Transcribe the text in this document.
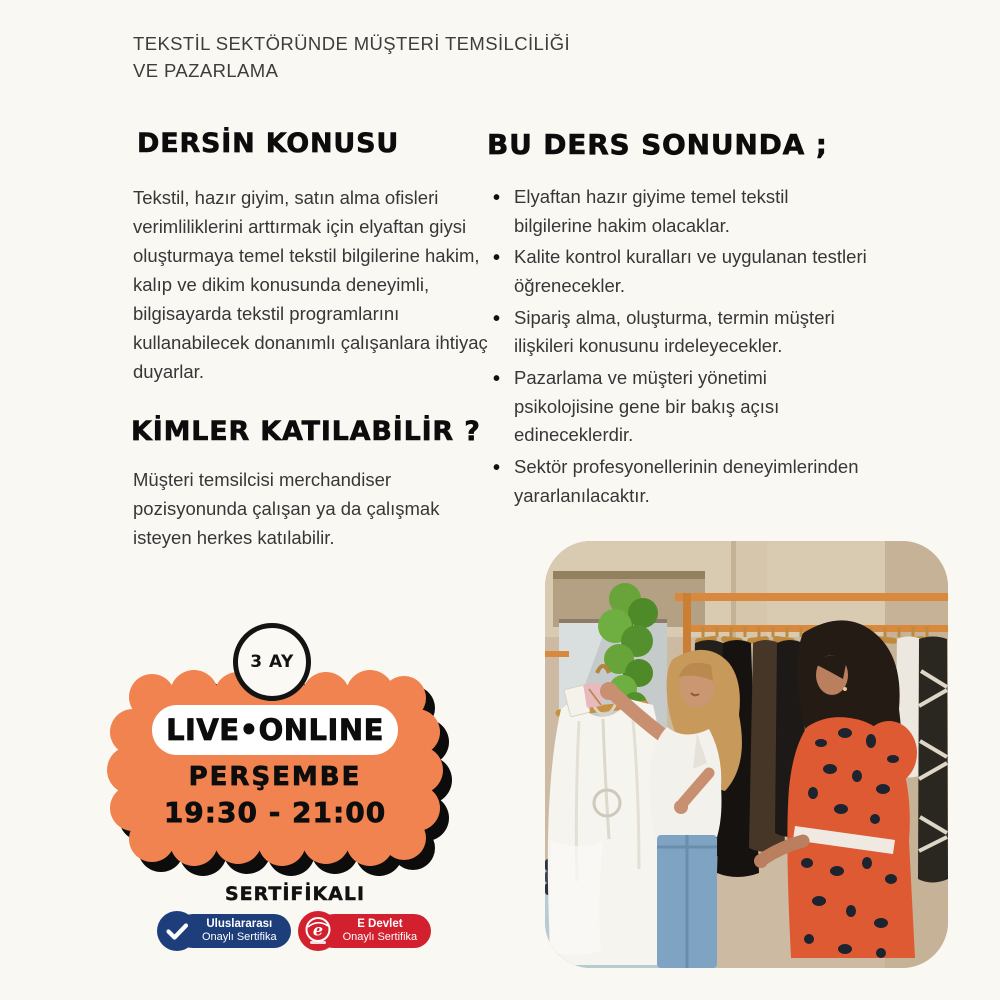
TEKSTİL SEKTÖRÜNDE MÜŞTERİ TEMSİLCİLİĞİ
VE PAZARLAMA
DERSİN KONUSU
Tekstil, hazır giyim, satın alma ofisleri verimliliklerini arttırmak için elyaftan giysi oluşturmaya temel tekstil bilgilerine hakim, kalıp ve dikim konusunda deneyimli, bilgisayarda tekstil programlarını kullanabilecek donanımlı çalışanlara ihtiyaç duyarlar.
KİMLER KATILABİLİR ?
Müşteri temsilcisi merchandiser pozisyonunda çalışan ya da çalışmak isteyen herkes katılabilir.
BU DERS SONUNDA ;
• Elyaftan hazır giyime temel tekstil bilgilerine hakim olacaklar.
• Kalite kontrol kuralları ve uygulanan testleri öğrenecekler.
• Sipariş alma, oluşturma, termin müşteri ilişkileri konusunu irdeleyecekler.
• Pazarlama ve müşteri yönetimi psikolojisine gene bir bakış açısı edineceklerdir.
• Sektör profesyonellerinin deneyimlerinden yararlanılacaktır.
3 AY
LIVE•ONLINE
PERŞEMBE
19:30 - 21:00
SERTİFİKALI
Uluslararası
Onaylı Sertifika e	E Devlet
Onaylı Sertifika
